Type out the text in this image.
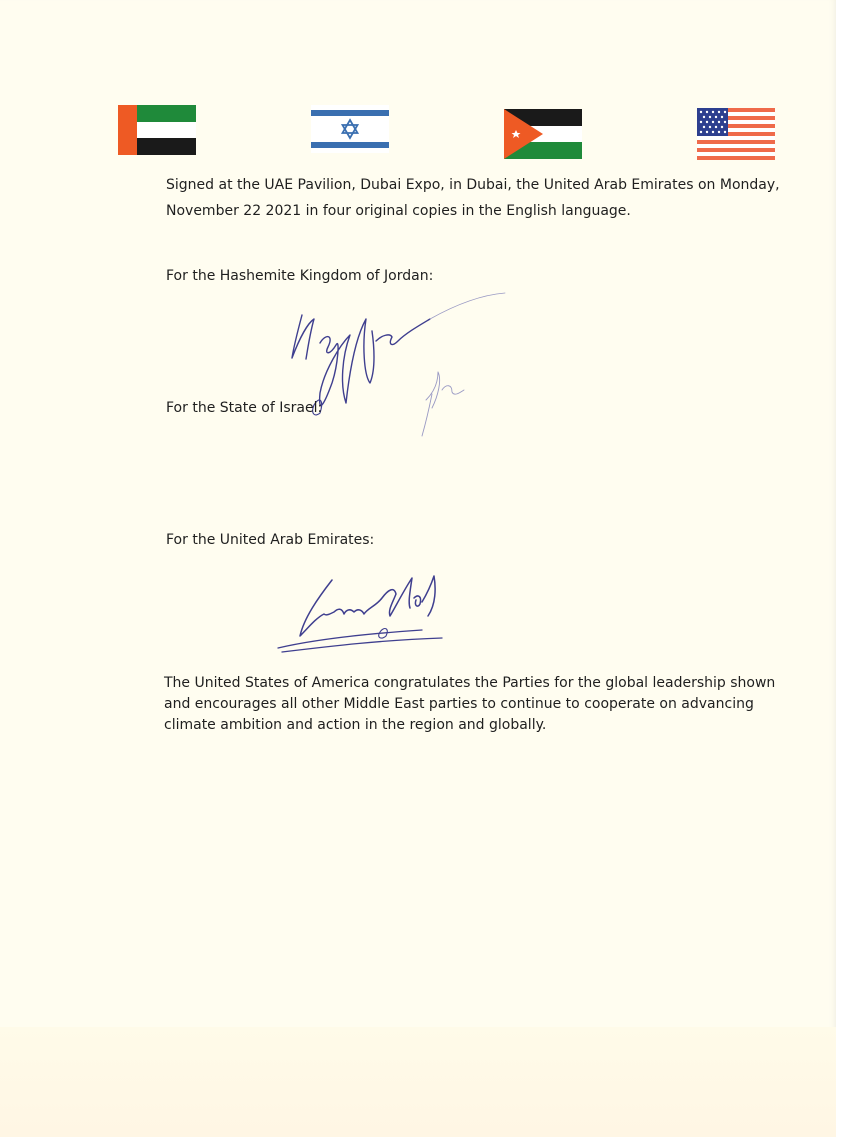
Signed at the UAE Pavilion, Dubai Expo, in Dubai, the United Arab Emirates on Monday,
November 22 2021 in four original copies in the English language.

For the Hashemite Kingdom of Jordan:

For the State of Israel:

For the United Arab Emirates:

The United States of America congratulates the Parties for the global leadership shown
and encourages all other Middle East parties to continue to cooperate on advancing
climate ambition and action in the region and globally.
